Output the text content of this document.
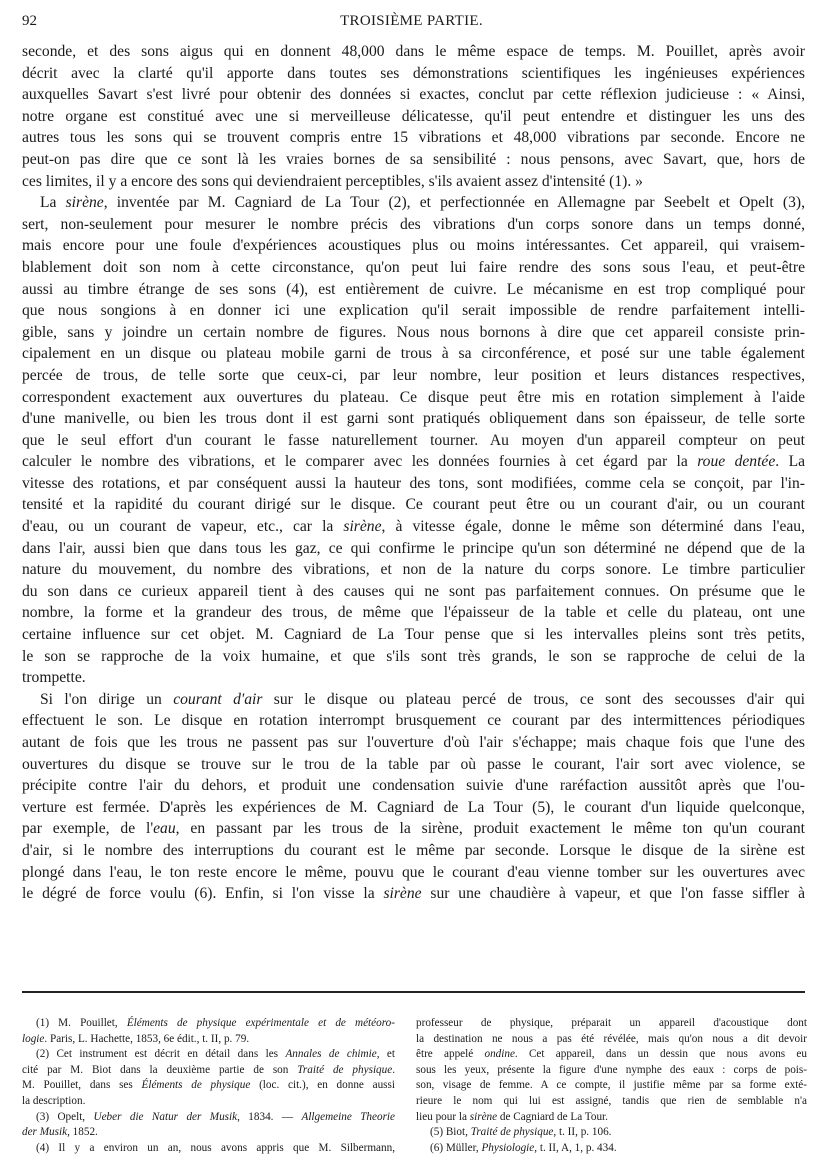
92	TROISIÈME PARTIE.
seconde, et des sons aigus qui en donnent 48,000 dans le même espace de temps. M. Pouillet, après avoir
décrit avec la clarté qu'il apporte dans toutes ses démonstrations scientifiques les ingénieuses expériences
auxquelles Savart s'est livré pour obtenir des données si exactes, conclut par cette réflexion judicieuse : « Ainsi,
notre organe est constitué avec une si merveilleuse délicatesse, qu'il peut entendre et distinguer les uns des
autres tous les sons qui se trouvent compris entre 15 vibrations et 48,000 vibrations par seconde. Encore ne
peut-on pas dire que ce sont là les vraies bornes de sa sensibilité : nous pensons, avec Savart, que, hors de
ces limites, il y a encore des sons qui deviendraient perceptibles, s'ils avaient assez d'intensité (1). »
La sirène, inventée par M. Cagniard de La Tour (2), et perfectionnée en Allemagne par Seebelt et Opelt (3),
sert, non-seulement pour mesurer le nombre précis des vibrations d'un corps sonore dans un temps donné,
mais encore pour une foule d'expériences acoustiques plus ou moins intéressantes. Cet appareil, qui vraisem-
blablement doit son nom à cette circonstance, qu'on peut lui faire rendre des sons sous l'eau, et peut-être
aussi au timbre étrange de ses sons (4), est entièrement de cuivre. Le mécanisme en est trop compliqué pour
que nous songions à en donner ici une explication qu'il serait impossible de rendre parfaitement intelli-
gible, sans y joindre un certain nombre de figures. Nous nous bornons à dire que cet appareil consiste prin-
cipalement en un disque ou plateau mobile garni de trous à sa circonférence, et posé sur une table également
percée de trous, de telle sorte que ceux-ci, par leur nombre, leur position et leurs distances respectives,
correspondent exactement aux ouvertures du plateau. Ce disque peut être mis en rotation simplement à l'aide
d'une manivelle, ou bien les trous dont il est garni sont pratiqués obliquement dans son épaisseur, de telle sorte
que le seul effort d'un courant le fasse naturellement tourner. Au moyen d'un appareil compteur on peut
calculer le nombre des vibrations, et le comparer avec les données fournies à cet égard par la roue dentée. La
vitesse des rotations, et par conséquent aussi la hauteur des tons, sont modifiées, comme cela se conçoit, par l'in-
tensité et la rapidité du courant dirigé sur le disque. Ce courant peut être ou un courant d'air, ou un courant
d'eau, ou un courant de vapeur, etc., car la sirène, à vitesse égale, donne le même son déterminé dans l'eau,
dans l'air, aussi bien que dans tous les gaz, ce qui confirme le principe qu'un son déterminé ne dépend que de la
nature du mouvement, du nombre des vibrations, et non de la nature du corps sonore. Le timbre particulier
du son dans ce curieux appareil tient à des causes qui ne sont pas parfaitement connues. On présume que le
nombre, la forme et la grandeur des trous, de même que l'épaisseur de la table et celle du plateau, ont une
certaine influence sur cet objet. M. Cagniard de La Tour pense que si les intervalles pleins sont très petits,
le son se rapproche de la voix humaine, et que s'ils sont très grands, le son se rapproche de celui de la
trompette.
Si l'on dirige un courant d'air sur le disque ou plateau percé de trous, ce sont des secousses d'air qui
effectuent le son. Le disque en rotation interrompt brusquement ce courant par des intermittences périodiques
autant de fois que les trous ne passent pas sur l'ouverture d'où l'air s'échappe; mais chaque fois que l'une des
ouvertures du disque se trouve sur le trou de la table par où passe le courant, l'air sort avec violence, se
précipite contre l'air du dehors, et produit une condensation suivie d'une raréfaction aussitôt après que l'ou-
verture est fermée. D'après les expériences de M. Cagniard de La Tour (5), le courant d'un liquide quelconque,
par exemple, de l'eau, en passant par les trous de la sirène, produit exactement le même ton qu'un courant
d'air, si le nombre des interruptions du courant est le même par seconde. Lorsque le disque de la sirène est
plongé dans l'eau, le ton reste encore le même, pouvu que le courant d'eau vienne tomber sur les ouvertures avec
le dégré de force voulu (6). Enfin, si l'on visse la sirène sur une chaudière à vapeur, et que l'on fasse siffler à
(1) M. Pouillet, Éléments de physique expérimentale et de météoro-
logie. Paris, L. Hachette, 1853, 6e édit., t. II, p. 79.
(2) Cet instrument est décrit en détail dans les Annales de chimie, et
cité par M. Biot dans la deuxième partie de son Traité de physique.
M. Pouillet, dans ses Éléments de physique (loc. cit.), en donne aussi
la description.
(3) Opelt, Ueber die Natur der Musik, 1834. — Allgemeine Theorie
der Musik, 1852.
(4) Il y a environ un an, nous avons appris que M. Silbermann,
professeur de physique, préparait un appareil d'acoustique dont
la destination ne nous a pas été révélée, mais qu'on nous a dit devoir
être appelé ondine. Cet appareil, dans un dessin que nous avons eu
sous les yeux, présente la figure d'une nymphe des eaux : corps de pois-
son, visage de femme. A ce compte, il justifie même par sa forme exté-
rieure le nom qui lui est assigné, tandis que rien de semblable n'a
lieu pour la sirène de Cagniard de La Tour.
(5) Biot, Traité de physique, t. II, p. 106.
(6) Müller, Physiologie, t. II, A, 1, p. 434.
